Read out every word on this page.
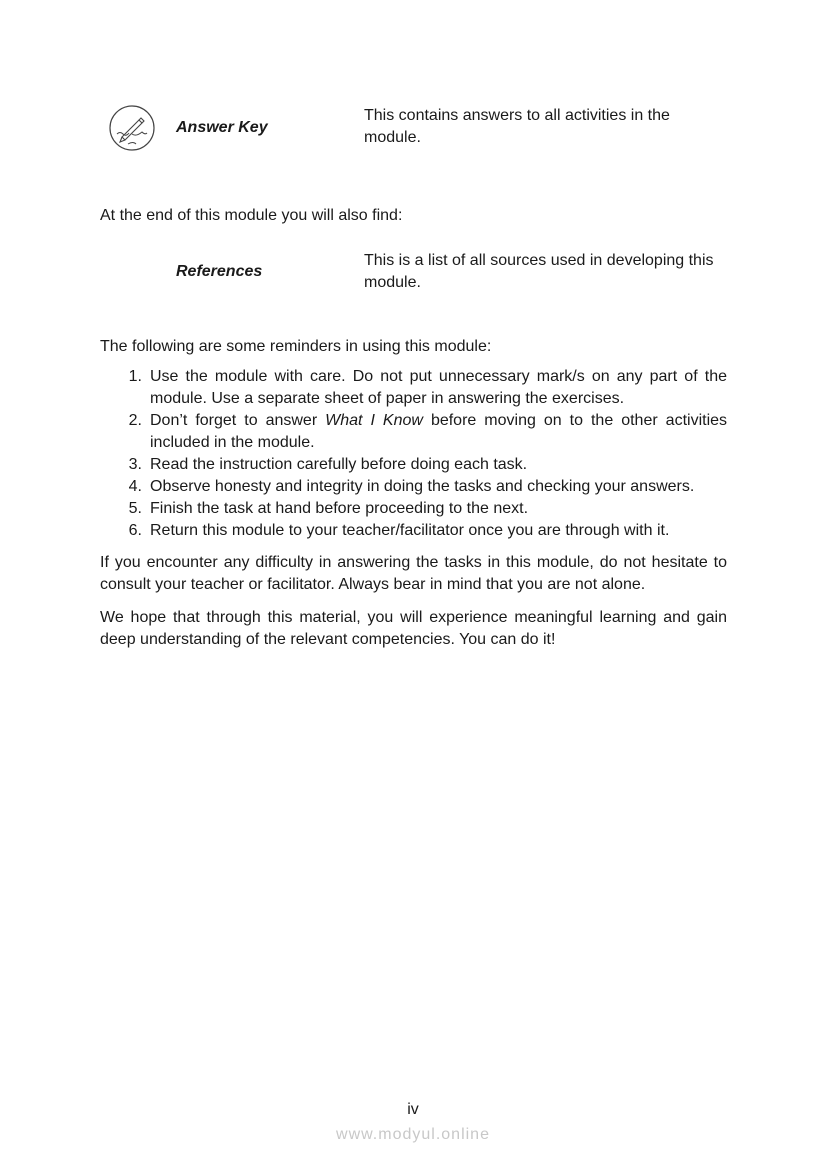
Answer Key
This contains answers to all activities in the module.
At the end of this module you will also find:
References
This is a list of all sources used in developing this module.
The following are some reminders in using this module:
1. Use the module with care. Do not put unnecessary mark/s on any part of the module. Use a separate sheet of paper in answering the exercises.
2. Don’t forget to answer What I Know before moving on to the other activities included in the module.
3. Read the instruction carefully before doing each task.
4. Observe honesty and integrity in doing the tasks and checking your answers.
5. Finish the task at hand before proceeding to the next.
6. Return this module to your teacher/facilitator once you are through with it.
If you encounter any difficulty in answering the tasks in this module, do not hesitate to consult your teacher or facilitator. Always bear in mind that you are not alone.
We hope that through this material, you will experience meaningful learning and gain deep understanding of the relevant competencies. You can do it!
iv
www.modyul.online
